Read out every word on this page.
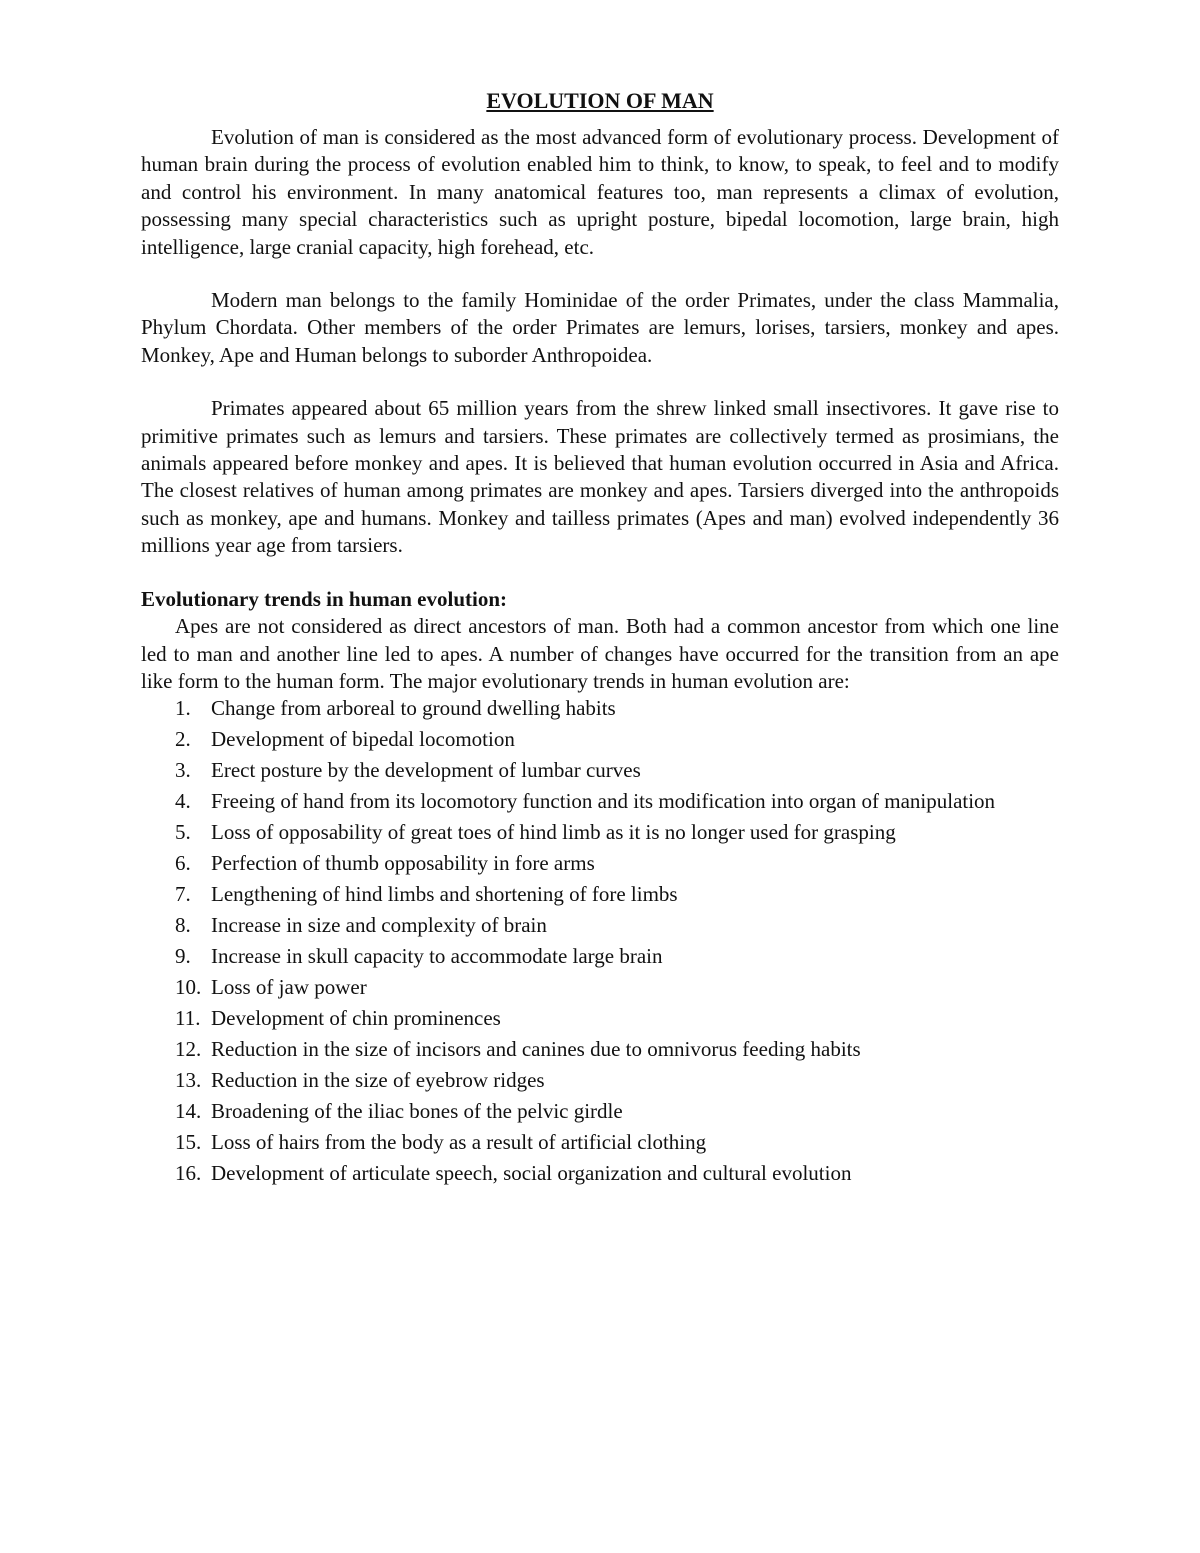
EVOLUTION OF MAN

Evolution of man is considered as the most advanced form of evolutionary process. Development of human brain during the process of evolution enabled him to think, to know, to speak, to feel and to modify and control his environment. In many anatomical features too, man represents a climax of evolution, possessing many special characteristics such as upright posture, bipedal locomotion, large brain, high intelligence, large cranial capacity, high forehead, etc.

Modern man belongs to the family Hominidae of the order Primates, under the class Mammalia, Phylum Chordata. Other members of the order Primates are lemurs, lorises, tarsiers, monkey and apes. Monkey, Ape and Human belongs to suborder Anthropoidea.

Primates appeared about 65 million years from the shrew linked small insectivores. It gave rise to primitive primates such as lemurs and tarsiers. These primates are collectively termed as prosimians, the animals appeared before monkey and apes. It is believed that human evolution occurred in Asia and Africa. The closest relatives of human among primates are monkey and apes. Tarsiers diverged into the anthropoids such as monkey, ape and humans. Monkey and tailless primates (Apes and man) evolved independently 36 millions year age from tarsiers.

Evolutionary trends in human evolution:

Apes are not considered as direct ancestors of man. Both had a common ancestor from which one line led to man and another line led to apes. A number of changes have occurred for the transition from an ape like form to the human form. The major evolutionary trends in human evolution are:

1. Change from arboreal to ground dwelling habits
2. Development of bipedal locomotion
3. Erect posture by the development of lumbar curves
4. Freeing of hand from its locomotory function and its modification into organ of manipulation
5. Loss of opposability of great toes of hind limb as it is no longer used for grasping
6. Perfection of thumb opposability in fore arms
7. Lengthening of hind limbs and shortening of fore limbs
8. Increase in size and complexity of brain
9. Increase in skull capacity to accommodate large brain
10. Loss of jaw power
11. Development of chin prominences
12. Reduction in the size of incisors and canines due to omnivorus feeding habits
13. Reduction in the size of eyebrow ridges
14. Broadening of the iliac bones of the pelvic girdle
15. Loss of hairs from the body as a result of artificial clothing
16. Development of articulate speech, social organization and cultural evolution
